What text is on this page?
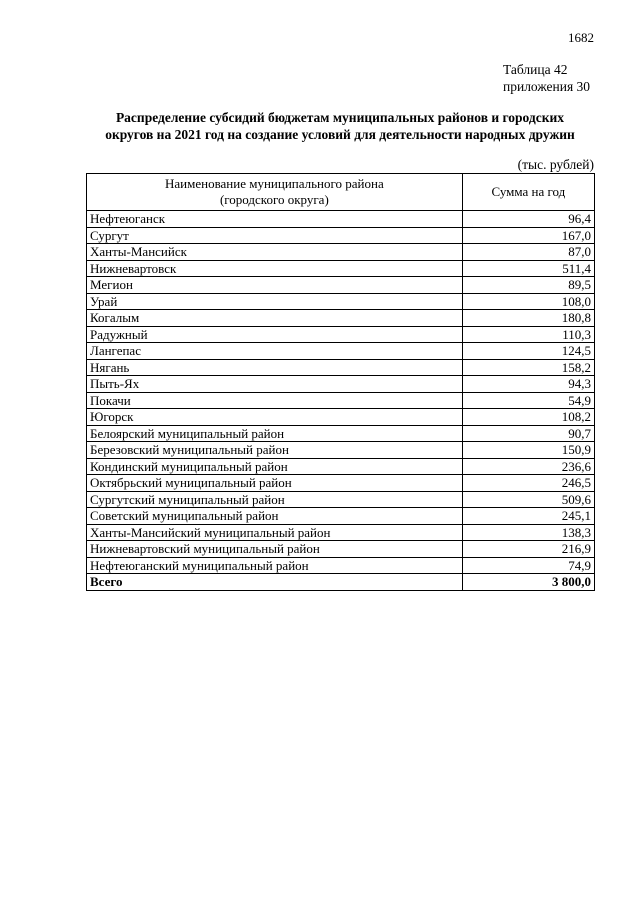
1682
Таблица 42
приложения 30
Распределение субсидий бюджетам муниципальных районов и городских
округов на 2021 год на создание условий для деятельности народных дружин
(тыс. рублей)
Наименование муниципального района
(городского округа)	Сумма на год
Нефтеюганск	96,4
Сургут	167,0
Ханты-Мансийск	87,0
Нижневартовск	511,4
Мегион	89,5
Урай	108,0
Когалым	180,8
Радужный	110,3
Лангепас	124,5
Нягань	158,2
Пыть-Ях	94,3
Покачи	54,9
Югорск	108,2
Белоярский муниципальный район	90,7
Березовский муниципальный район	150,9
Кондинский муниципальный район	236,6
Октябрьский муниципальный район	246,5
Сургутский муниципальный район	509,6
Советский муниципальный район	245,1
Ханты-Мансийский муниципальный район	138,3
Нижневартовский муниципальный район	216,9
Нефтеюганский муниципальный район	74,9
Всего	3 800,0
